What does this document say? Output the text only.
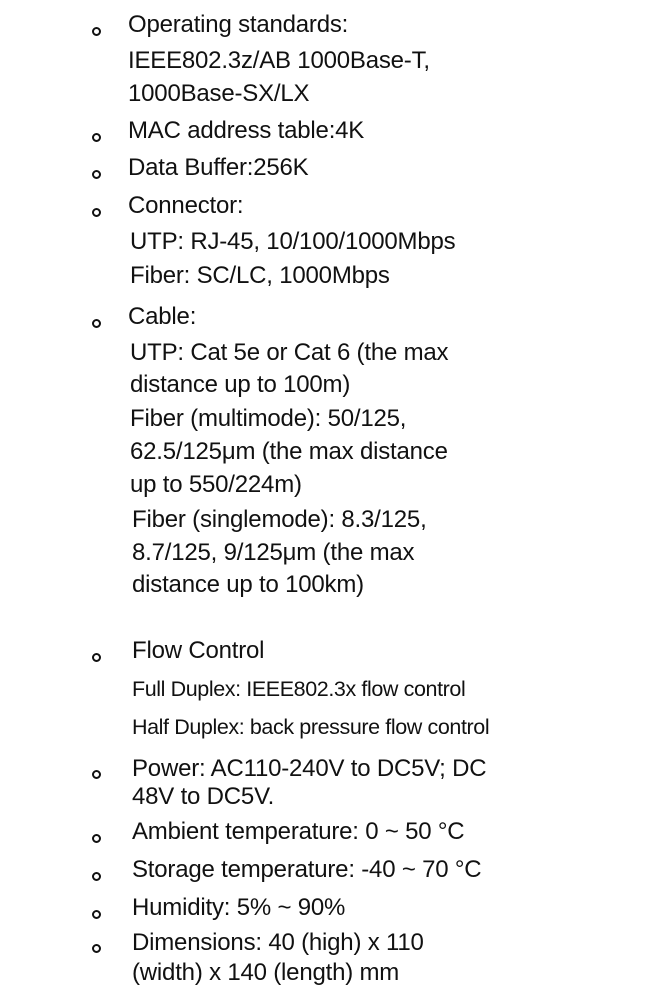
Operating standards:
IEEE802.3z/AB 1000Base-T,
1000Base-SX/LX
MAC address table:4K
Data Buffer:256K
Connector:
UTP: RJ-45, 10/100/1000Mbps
Fiber: SC/LC, 1000Mbps
Cable:
UTP: Cat 5e or Cat 6 (the max
distance up to 100m)
Fiber (multimode): 50/125,
62.5/125μm (the max distance
up to 550/224m)
Fiber (singlemode): 8.3/125,
8.7/125, 9/125μm (the max
distance up to 100km)
Flow Control
Full Duplex: IEEE802.3x flow control
Half Duplex: back pressure flow control
Power: AC110-240V to DC5V; DC
48V to DC5V.
Ambient temperature: 0 ~ 50 °C
Storage temperature: -40 ~ 70 °C
Humidity: 5% ~ 90%
Dimensions: 40 (high) x 110
(width) x 140 (length) mm
